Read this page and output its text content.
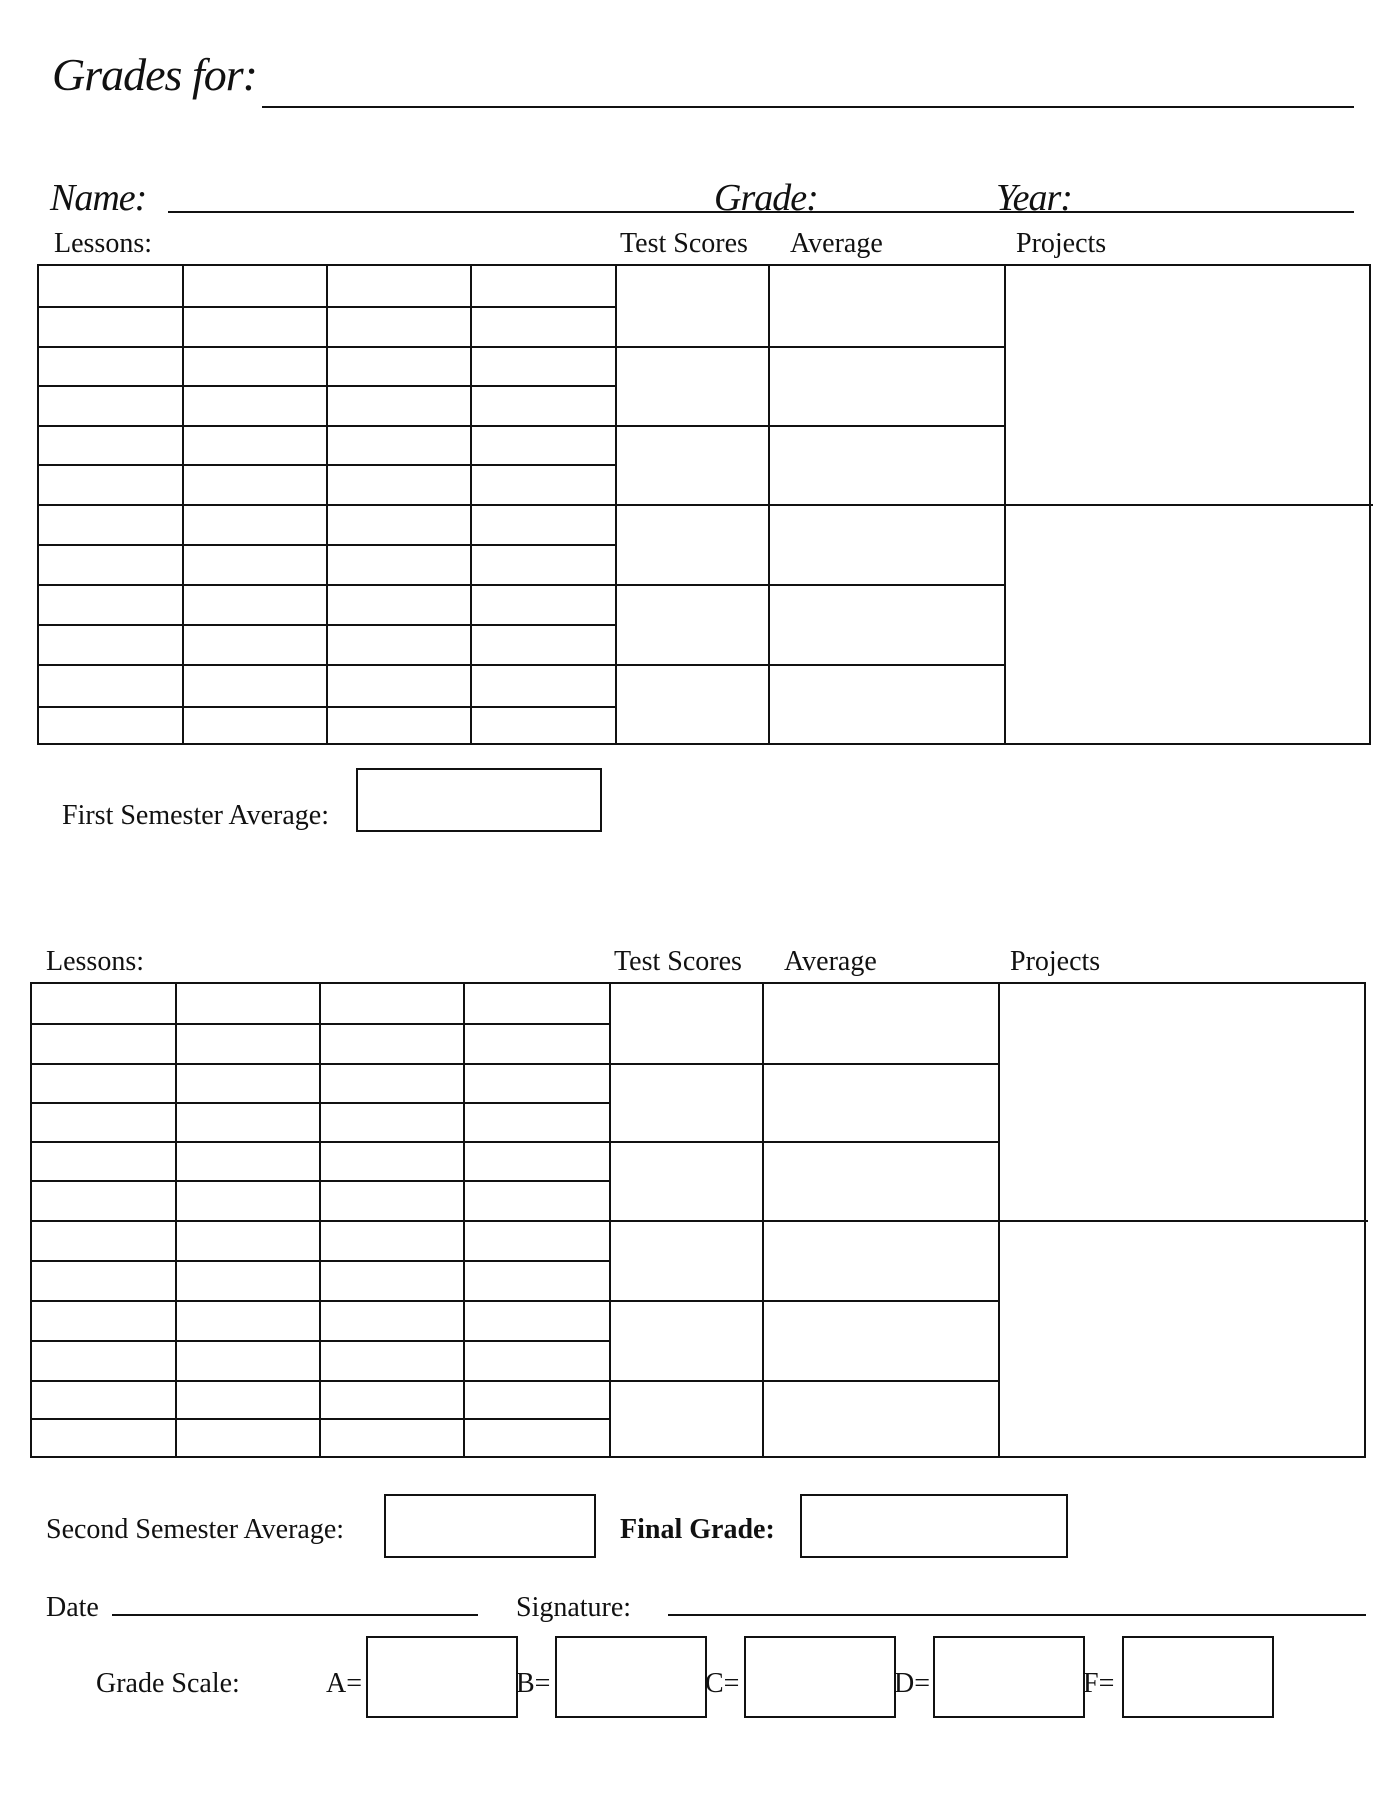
Grades for:
Name:	Grade:	Year:
Lessons:	Test Scores Average	Projects
First Semester Average:
Lessons:	Test Scores Average	Projects
Second Semester Average:	Final Grade:
Date	Signature:
Grade Scale:	A=	B=	C=	D=	F=
